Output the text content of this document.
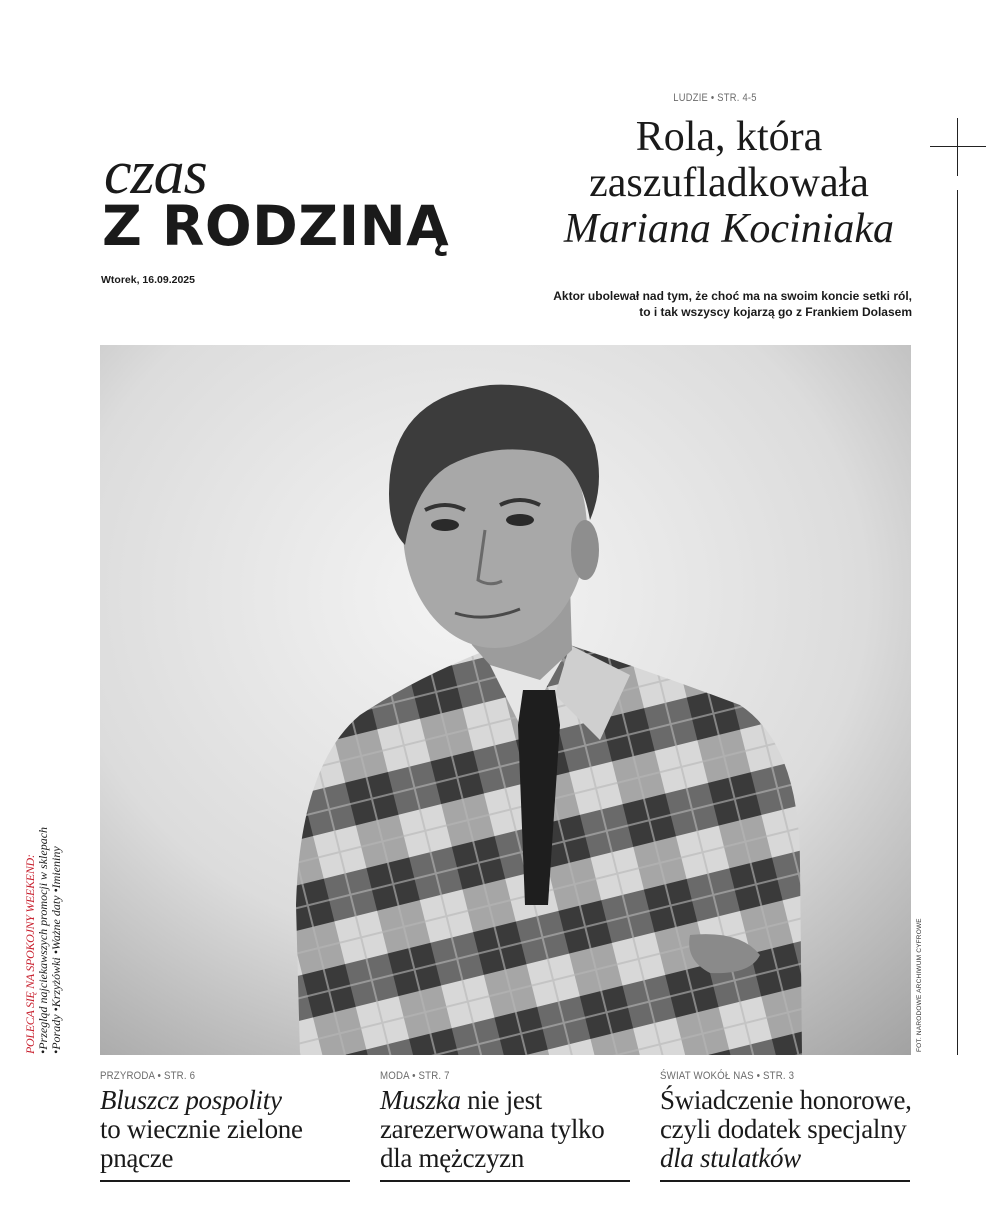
czas
Z RODZINĄ
Wtorek, 16.09.2025
LUDZIE • STR. 4-5
Rola, która
zaszufladkowała
Mariana Kociniaka
Aktor ubolewał nad tym, że choć ma na swoim koncie setki ról,
to i tak wszyscy kojarzą go z Frankiem Dolasem
FOT. NARODOWE ARCHIWUM CYFROWE
POLECA SIĘ NA SPOKOJNY WEEKEND: •Przegląd najciekawszych promocji w sklepach •Porady •Krzyżówki •Ważne daty •Imieniny
PRZYRODA • STR. 6
Bluszcz pospolity
to wiecznie zielone pnącze
MODA • STR. 7
Muszka nie jest zarezerwowana tylko dla mężczyzn
ŚWIAT WOKÓŁ NAS • STR. 3
Świadczenie honorowe, czyli dodatek specjalny
dla stulatków
